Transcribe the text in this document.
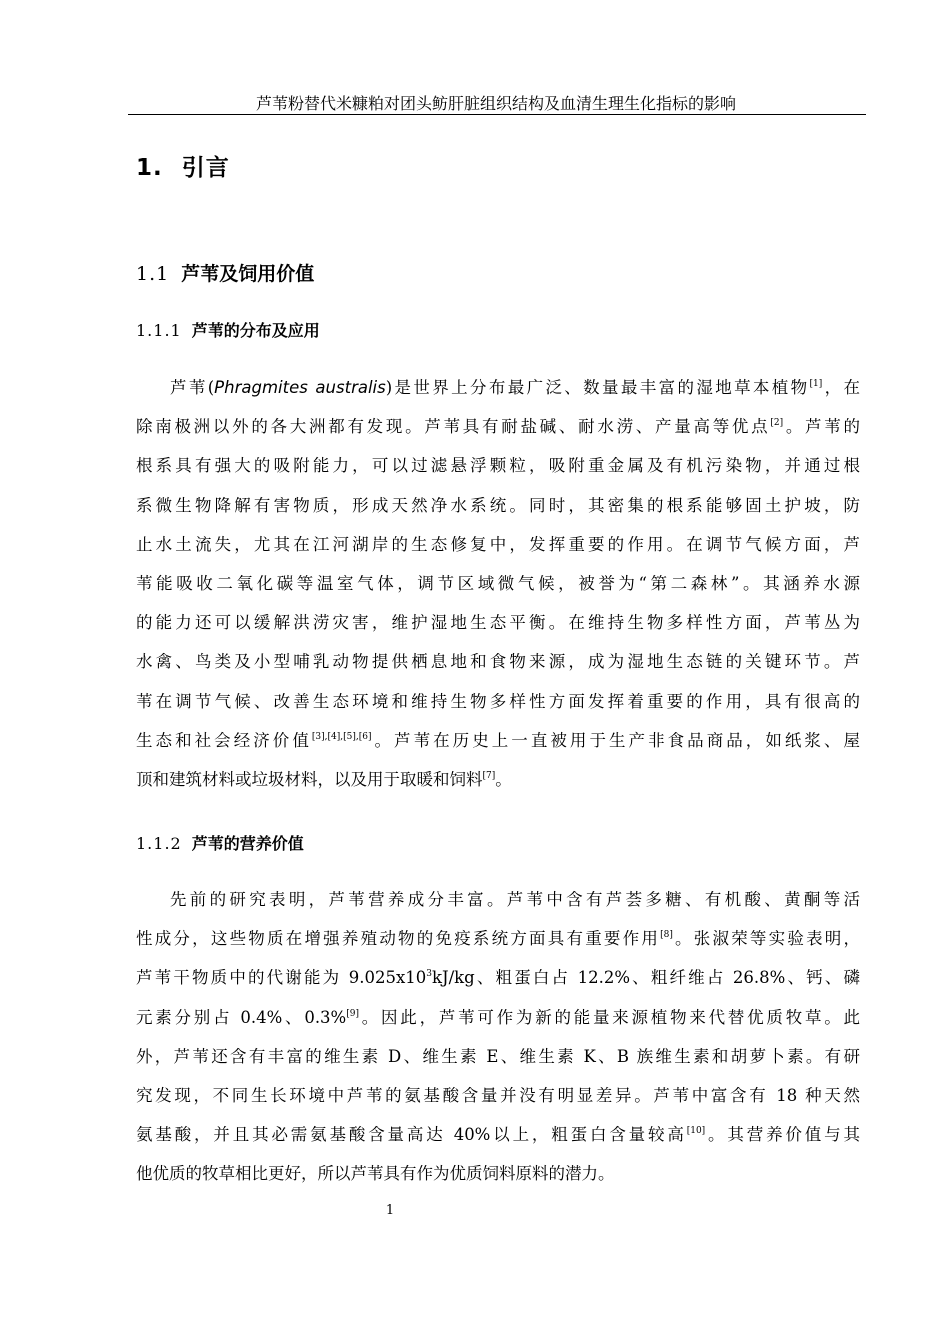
芦苇粉替代米糠粕对团头鲂肝脏组织结构及血清生理生化指标的影响
1. 引言
1.1 芦苇及饲用价值
1.1.1 芦苇的分布及应用
芦苇(Phragmites australis)是世界上分布最广泛、数量最丰富的湿地草本植物[1]，在
除南极洲以外的各大洲都有发现。芦苇具有耐盐碱、耐水涝、产量高等优点[2]。芦苇的
根系具有强大的吸附能力，可以过滤悬浮颗粒，吸附重金属及有机污染物，并通过根
系微生物降解有害物质，形成天然净水系统。同时，其密集的根系能够固土护坡，防
止水土流失，尤其在江河湖岸的生态修复中，发挥重要的作用。在调节气候方面，芦
苇能吸收二氧化碳等温室气体，调节区域微气候，被誉为“第二森林”。其涵养水源
的能力还可以缓解洪涝灾害，维护湿地生态平衡。在维持生物多样性方面，芦苇丛为
水禽、鸟类及小型哺乳动物提供栖息地和食物来源，成为湿地生态链的关键环节。芦
苇在调节气候、改善生态环境和维持生物多样性方面发挥着重要的作用，具有很高的
生态和社会经济价值[3],[4],[5],[6]。芦苇在历史上一直被用于生产非食品商品，如纸浆、屋
顶和建筑材料或垃圾材料，以及用于取暖和饲料[7]。
1.1.2 芦苇的营养价值
先前的研究表明，芦苇营养成分丰富。芦苇中含有芦荟多糖、有机酸、黄酮等活
性成分，这些物质在增强养殖动物的免疫系统方面具有重要作用[8]。张淑荣等实验表明，
芦苇干物质中的代谢能为 $9.025x10^3kJ/kg$、粗蛋白占 12.2%、粗纤维占 26.8%、钙、磷
元素分别占 0.4%、0.3%[9]。因此，芦苇可作为新的能量来源植物来代替优质牧草。此
外，芦苇还含有丰富的维生素 D、维生素 E、维生素 K、B 族维生素和胡萝卜素。有研
究发现，不同生长环境中芦苇的氨基酸含量并没有明显差异。芦苇中富含有 18 种天然
氨基酸，并且其必需氨基酸含量高达 40%以上，粗蛋白含量较高[10]。其营养价值与其
他优质的牧草相比更好，所以芦苇具有作为优质饲料原料的潜力。
1
